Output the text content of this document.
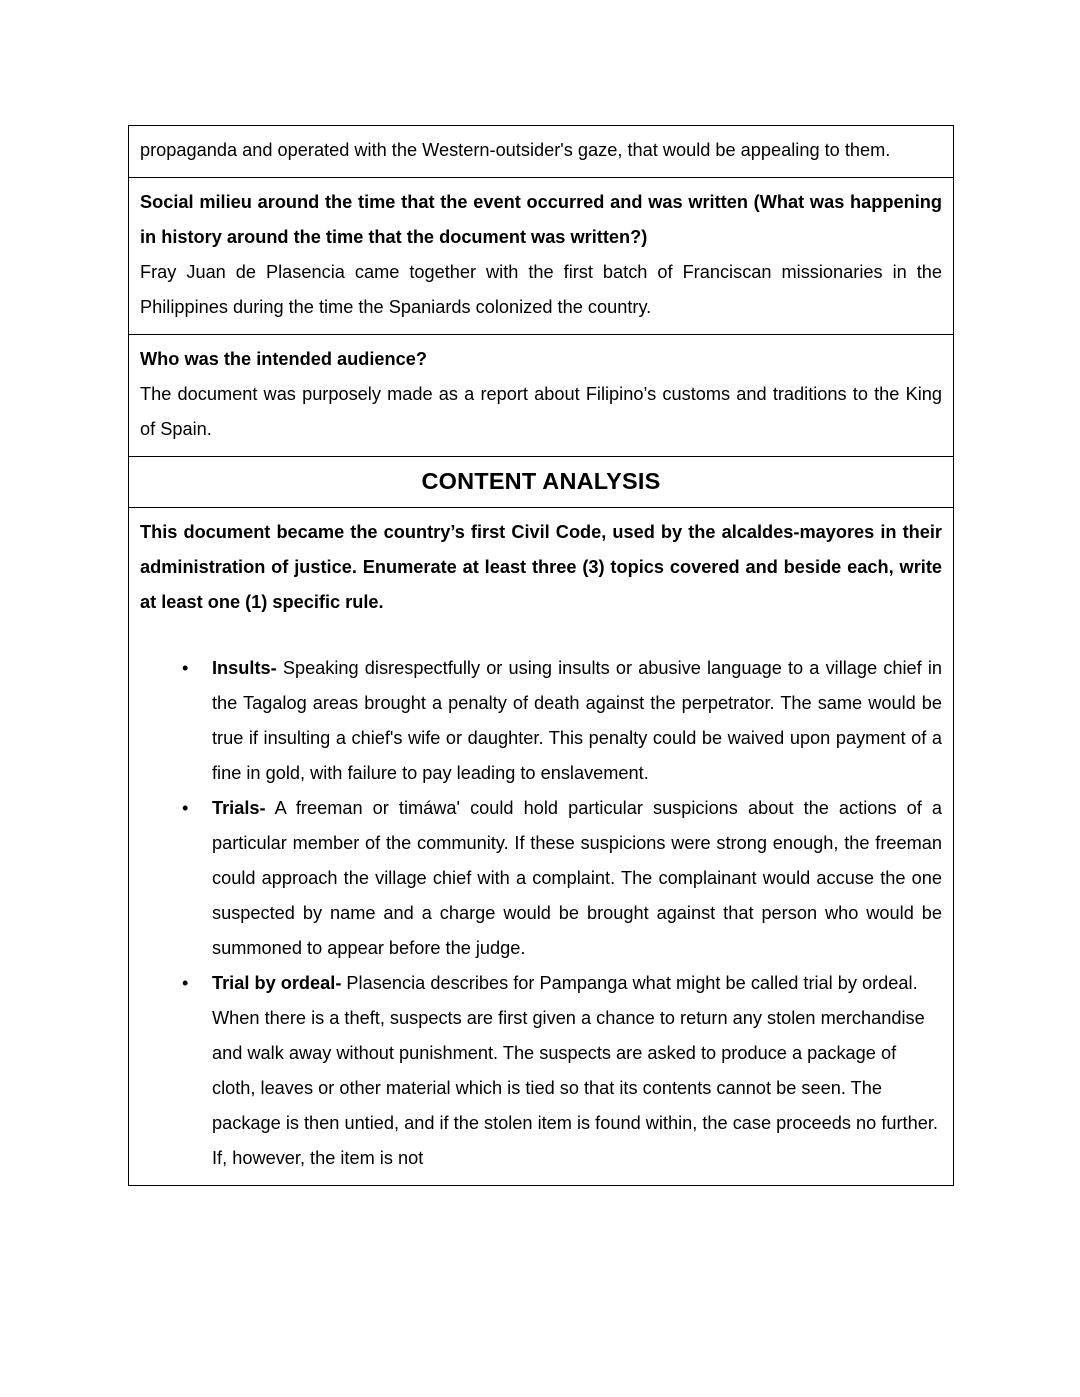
propaganda and operated with the Western-outsider's gaze, that would be appealing to them.

Social milieu around the time that the event occurred and was written (What was happening in history around the time that the document was written?)

Fray Juan de Plasencia came together with the first batch of Franciscan missionaries in the Philippines during the time the Spaniards colonized the country.

Who was the intended audience?

The document was purposely made as a report about Filipino’s customs and traditions to the King of Spain.

CONTENT ANALYSIS

This document became the country’s first Civil Code, used by the alcaldes-mayores in their administration of justice. Enumerate at least three (3) topics covered and beside each, write at least one (1) specific rule.

• Insults- Speaking disrespectfully or using insults or abusive language to a village chief in the Tagalog areas brought a penalty of death against the perpetrator. The same would be true if insulting a chief's wife or daughter. This penalty could be waived upon payment of a fine in gold, with failure to pay leading to enslavement.
• Trials- A freeman or timáwa' could hold particular suspicions about the actions of a particular member of the community. If these suspicions were strong enough, the freeman could approach the village chief with a complaint. The complainant would accuse the one suspected by name and a charge would be brought against that person who would be summoned to appear before the judge.
• Trial by ordeal- Plasencia describes for Pampanga what might be called trial by ordeal. When there is a theft, suspects are first given a chance to return any stolen merchandise and walk away without punishment. The suspects are asked to produce a package of cloth, leaves or other material which is tied so that its contents cannot be seen. The package is then untied, and if the stolen item is found within, the case proceeds no further. If, however, the item is not
